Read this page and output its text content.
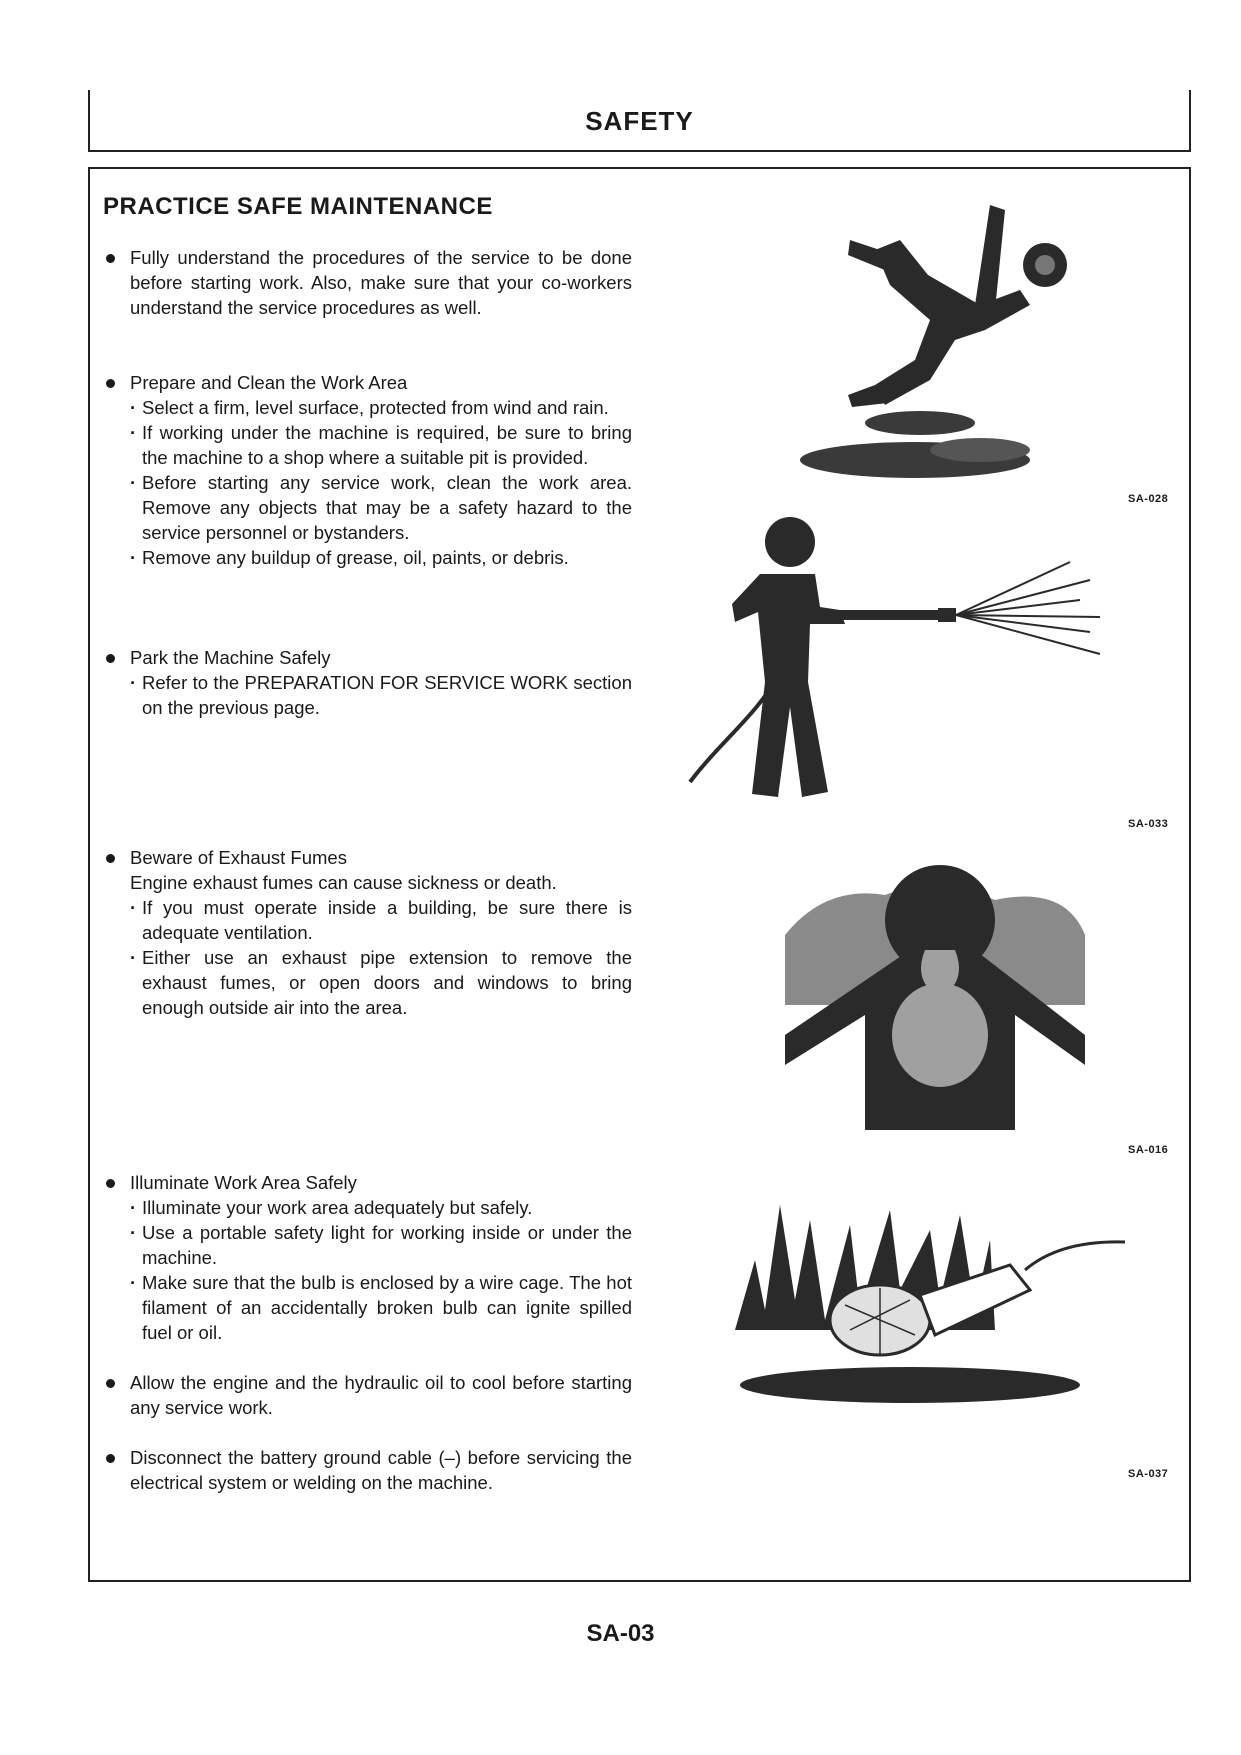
SAFETY
PRACTICE SAFE MAINTENANCE
Fully understand the procedures of the service to be done before starting work. Also, make sure that your co-workers understand the service procedures as well.
Prepare and Clean the Work Area
· Select a firm, level surface, protected from wind and rain.
· If working under the machine is required, be sure to bring the machine to a shop where a suitable pit is provided.
· Before starting any service work, clean the work area. Remove any objects that may be a safety hazard to the service personnel or bystanders.
· Remove any buildup of grease, oil, paints, or debris.
Park the Machine Safely
· Refer to the PREPARATION FOR SERVICE WORK section on the previous page.
Beware of Exhaust Fumes
Engine exhaust fumes can cause sickness or death.
· If you must operate inside a building, be sure there is adequate ventilation.
· Either use an exhaust pipe extension to remove the exhaust fumes, or open doors and windows to bring enough outside air into the area.
Illuminate Work Area Safely
· Illuminate your work area adequately but safely.
· Use a portable safety light for working inside or under the machine.
· Make sure that the bulb is enclosed by a wire cage. The hot filament of an accidentally broken bulb can ignite spilled fuel or oil.
Allow the engine and the hydraulic oil to cool before starting any service work.
Disconnect the battery ground cable (–) before servicing the electrical system or welding on the machine.
SA-028
SA-033
SA-016
SA-037
SA-03
